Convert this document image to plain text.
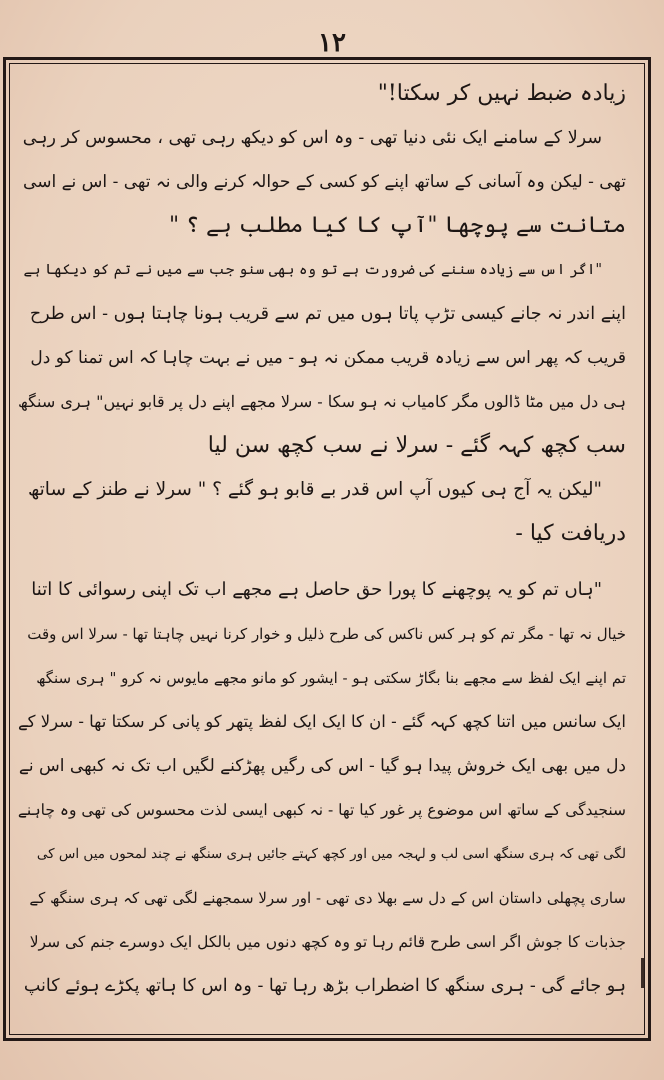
۱۲
زیادہ ضبط نہیں کر سکتا!"
سرلا کے سامنے ایک نئی دنیا تھی - وہ اس کو دیکھ رہی تھی ، محسوس کر رہی
تھی - لیکن وہ آسانی کے ساتھ اپنے کو کسی کے حوالہ کرنے والی نہ تھی - اس نے اسی
متانت سے پوچھا "آپ کا کیا مطلب ہے ؟ "
"اگر اس سے زیادہ سننے کی ضرورت ہے تو وہ بھی سنو جب سے میں نے تم کو دیکھا ہے
اپنے اندر نہ جانے کیسی تڑپ پاتا ہوں میں تم سے قریب ہونا چاہتا ہوں - اس طرح
قریب کہ پھر اس سے زیادہ قریب ممکن نہ ہو - میں نے بہت چاہا کہ اس تمنا کو دل
ہی دل میں مٹا ڈالوں مگر کامیاب نہ ہو سکا - سرلا مجھے اپنے دل پر قابو نہیں" ہری سنگھ
سب کچھ کہہ گئے - سرلا نے سب کچھ سن لیا
"لیکن یہ آج ہی کیوں آپ اس قدر بے قابو ہو گئے ؟ " سرلا نے طنز کے ساتھ
دریافت کیا -
"ہاں تم کو یہ پوچھنے کا پورا حق حاصل ہے مجھے اب تک اپنی رسوائی کا اتنا
خیال نہ تھا - مگر تم کو ہر کس ناکس کی طرح ذلیل و خوار کرنا نہیں چاہتا تھا - سرلا اس وقت
تم اپنے ایک لفظ سے مجھے بنا بگاڑ سکتی ہو - ایشور کو مانو مجھے مایوس نہ کرو " ہری سنگھ
ایک سانس میں اتنا کچھ کہہ گئے - ان کا ایک ایک لفظ پتھر کو پانی کر سکتا تھا - سرلا کے
دل میں بھی ایک خروش پیدا ہو گیا - اس کی رگیں پھڑکنے لگیں اب تک نہ کبھی اس نے
سنجیدگی کے ساتھ اس موضوع پر غور کیا تھا - نہ کبھی ایسی لذت محسوس کی تھی وہ چاہنے
لگی تھی کہ ہری سنگھ اسی لب و لہجہ میں اور کچھ کہتے جائیں ہری سنگھ نے چند لمحوں میں اس کی
ساری پچھلی داستان اس کے دل سے بھلا دی تھی - اور سرلا سمجھنے لگی تھی کہ ہری سنگھ کے
جذبات کا جوش اگر اسی طرح قائم رہا تو وہ کچھ دنوں میں بالکل ایک دوسرے جنم کی سرلا
ہو جائے گی - ہری سنگھ کا اضطراب بڑھ رہا تھا - وہ اس کا ہاتھ پکڑے ہوئے کانپ
